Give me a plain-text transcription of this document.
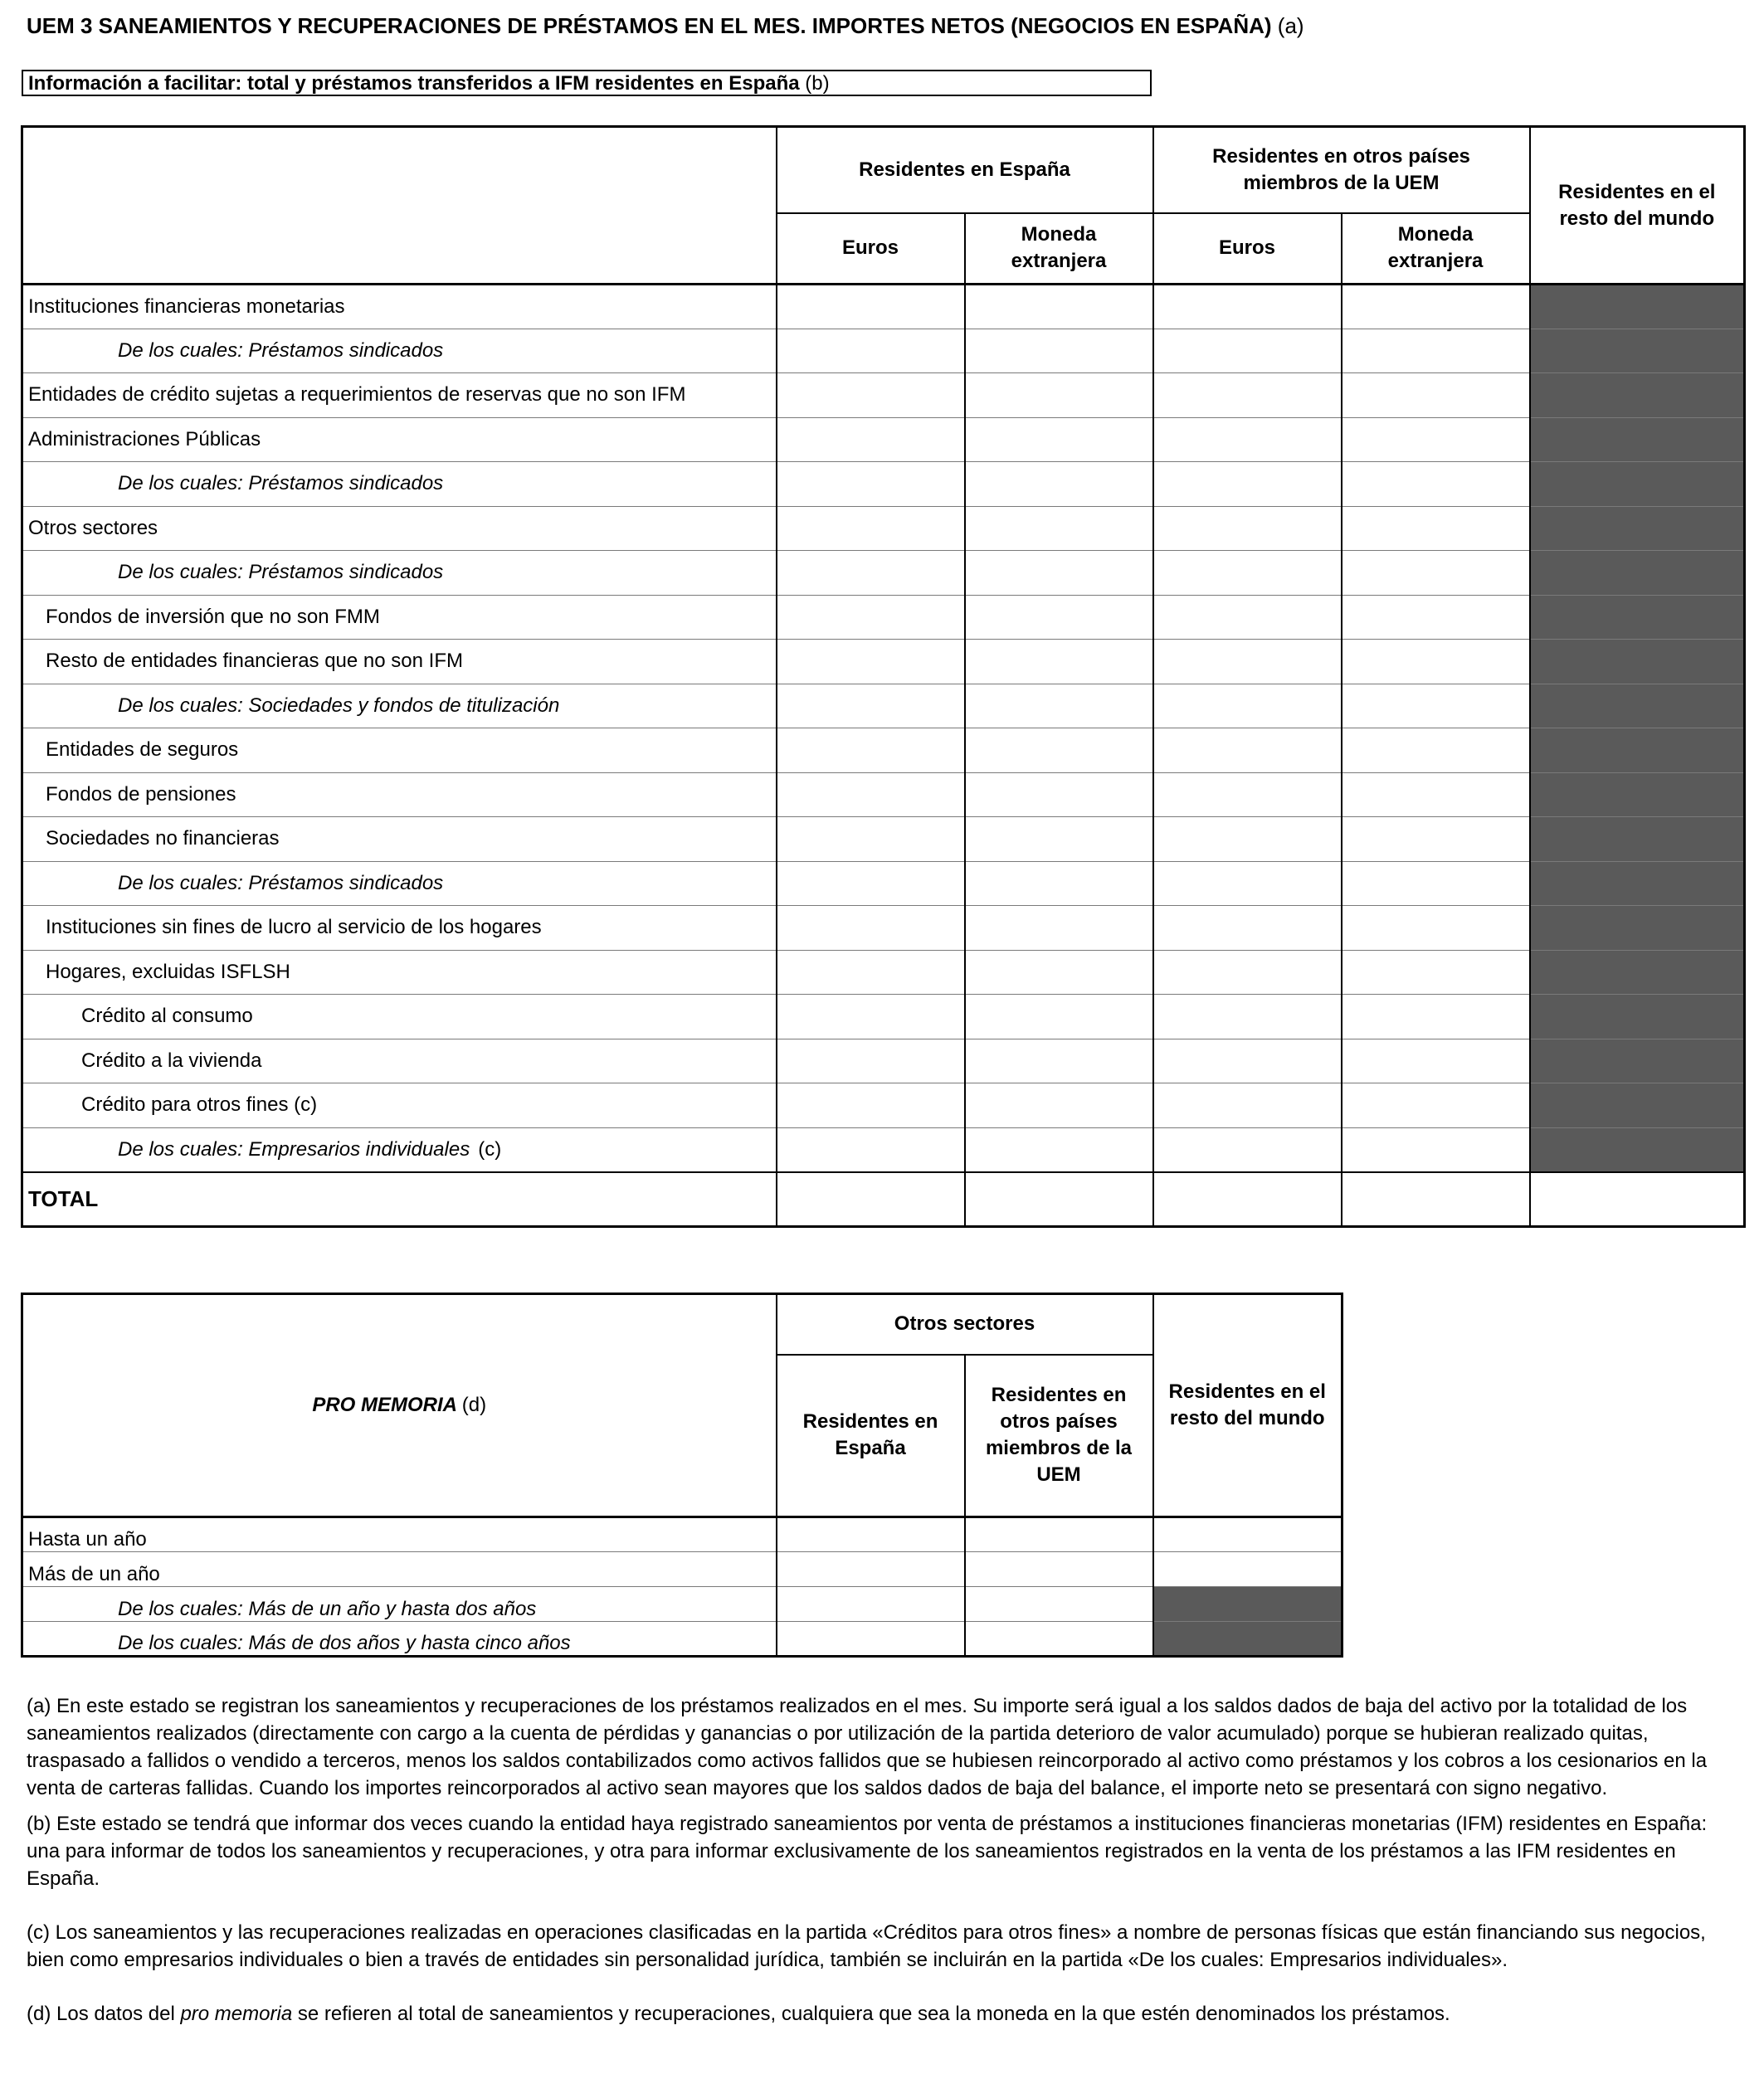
UEM 3 SANEAMIENTOS Y RECUPERACIONES DE PRÉSTAMOS EN EL MES. IMPORTES NETOS (NEGOCIOS EN ESPAÑA) (a)
Información a facilitar: total y préstamos transferidos a IFM residentes en España (b)
	Residentes en España		Residentes en otros países miembros de la UEM		Residentes en el resto del mundo
	Euros	Moneda extranjera	Euros	Moneda extranjera	
Instituciones financieras monetarias					
De los cuales: Préstamos sindicados					
Entidades de crédito sujetas a requerimientos de reservas que no son IFM					
Administraciones Públicas					
De los cuales: Préstamos sindicados					
Otros sectores					
De los cuales: Préstamos sindicados					
Fondos de inversión que no son FMM					
Resto de entidades financieras que no son IFM					
De los cuales: Sociedades y fondos de titulización					
Entidades de seguros					
Fondos de pensiones					
Sociedades no financieras					
De los cuales: Préstamos sindicados					
Instituciones sin fines de lucro al servicio de los hogares					
Hogares, excluidas ISFLSH					
Crédito al consumo					
Crédito a la vivienda					
Crédito para otros fines (c)					
De los cuales: Empresarios individuales (c)					
TOTAL					
PRO MEMORIA (d)	Otros sectores		Residentes en el resto del mundo
	Residentes en España	Residentes en otros países miembros de la UEM	
Hasta un año			
Más de un año			
De los cuales: Más de un año y hasta dos años			
De los cuales: Más de dos años y hasta cinco años			

(a) En este estado se registran los saneamientos y recuperaciones de los préstamos realizados en el mes. Su importe será igual a los saldos dados de baja del activo por la totalidad de los saneamientos realizados (directamente con cargo a la cuenta de pérdidas y ganancias o por utilización de la partida deterioro de valor acumulado) porque se hubieran realizado quitas, traspasado a fallidos o vendido a terceros, menos los saldos contabilizados como activos fallidos que se hubiesen reincorporado al activo como préstamos y los cobros a los cesionarios en la venta de carteras fallidas. Cuando los importes reincorporados al activo sean mayores que los saldos dados de baja del balance, el importe neto se presentará con signo negativo.

(b) Este estado se tendrá que informar dos veces cuando la entidad haya registrado saneamientos por venta de préstamos a instituciones financieras monetarias (IFM) residentes en España: una para informar de todos los saneamientos y recuperaciones, y otra para informar exclusivamente de los saneamientos registrados en la venta de los préstamos a las IFM residentes en España.

(c) Los saneamientos y las recuperaciones realizadas en operaciones clasificadas en la partida «Créditos para otros fines» a nombre de personas físicas que están financiando sus negocios, bien como empresarios individuales o bien a través de entidades sin personalidad jurídica, también se incluirán en la partida «De los cuales: Empresarios individuales».

(d) Los datos del pro memoria se refieren al total de saneamientos y recuperaciones, cualquiera que sea la moneda en la que estén denominados los préstamos.
